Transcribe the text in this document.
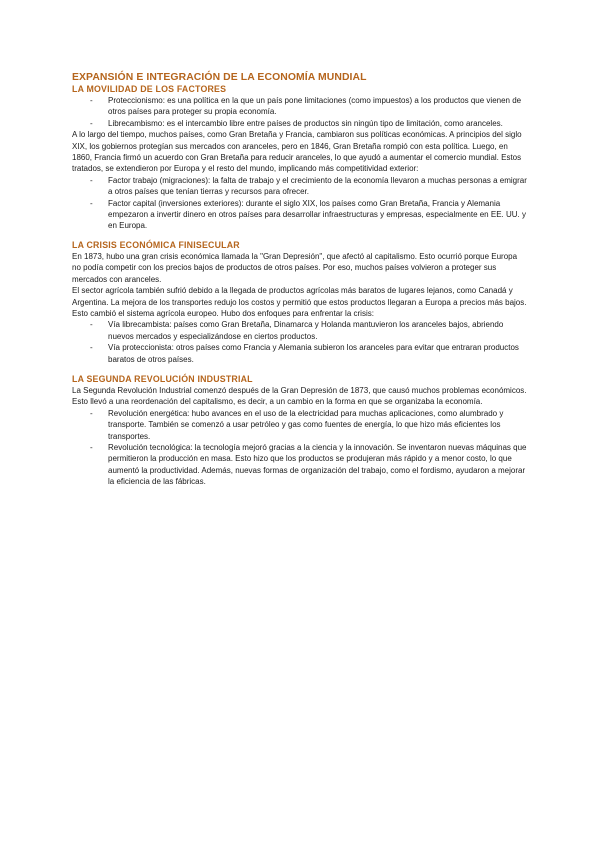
EXPANSIÓN E INTEGRACIÓN DE LA ECONOMÍA MUNDIAL
LA MOVILIDAD DE LOS FACTORES
- Proteccionismo: es una política en la que un país pone limitaciones (como impuestos) a los productos que vienen de otros países para proteger su propia economía.
- Librecambismo: es el intercambio libre entre países de productos sin ningún tipo de limitación, como aranceles.

A lo largo del tiempo, muchos países, como Gran Bretaña y Francia, cambiaron sus políticas económicas. A principios del siglo XIX, los gobiernos protegían sus mercados con aranceles, pero en 1846, Gran Bretaña rompió con esta política. Luego, en 1860, Francia firmó un acuerdo con Gran Bretaña para reducir aranceles, lo que ayudó a aumentar el comercio mundial. Estos tratados, se extendieron por Europa y el resto del mundo, implicando más competitividad exterior:

- Factor trabajo (migraciones): la falta de trabajo y el crecimiento de la economía llevaron a muchas personas a emigrar a otros países que tenían tierras y recursos para ofrecer.
- Factor capital (inversiones exteriores): durante el siglo XIX, los países como Gran Bretaña, Francia y Alemania empezaron a invertir dinero en otros países para desarrollar infraestructuras y empresas, especialmente en EE. UU. y en Europa.
LA CRISIS ECONÓMICA FINISECULAR

En 1873, hubo una gran crisis económica llamada la "Gran Depresión", que afectó al capitalismo. Esto ocurrió porque Europa no podía competir con los precios bajos de productos de otros países. Por eso, muchos países volvieron a proteger sus mercados con aranceles.

El sector agrícola también sufrió debido a la llegada de productos agrícolas más baratos de lugares lejanos, como Canadá y Argentina. La mejora de los transportes redujo los costos y permitió que estos productos llegaran a Europa a precios más bajos. Esto cambió el sistema agrícola europeo. Hubo dos enfoques para enfrentar la crisis:

- Vía librecambista: países como Gran Bretaña, Dinamarca y Holanda mantuvieron los aranceles bajos, abriendo nuevos mercados y especializándose en ciertos productos.
- Vía proteccionista: otros países como Francia y Alemania subieron los aranceles para evitar que entraran productos baratos de otros países.
LA SEGUNDA REVOLUCIÓN INDUSTRIAL

La Segunda Revolución Industrial comenzó después de la Gran Depresión de 1873, que causó muchos problemas económicos. Esto llevó a una reordenación del capitalismo, es decir, a un cambio en la forma en que se organizaba la economía.

- Revolución energética: hubo avances en el uso de la electricidad para muchas aplicaciones, como alumbrado y transporte. También se comenzó a usar petróleo y gas como fuentes de energía, lo que hizo más eficientes los transportes.
- Revolución tecnológica: la tecnología mejoró gracias a la ciencia y la innovación. Se inventaron nuevas máquinas que permitieron la producción en masa. Esto hizo que los productos se produjeran más rápido y a menor costo, lo que aumentó la productividad. Además, nuevas formas de organización del trabajo, como el fordismo, ayudaron a mejorar la eficiencia de las fábricas.
